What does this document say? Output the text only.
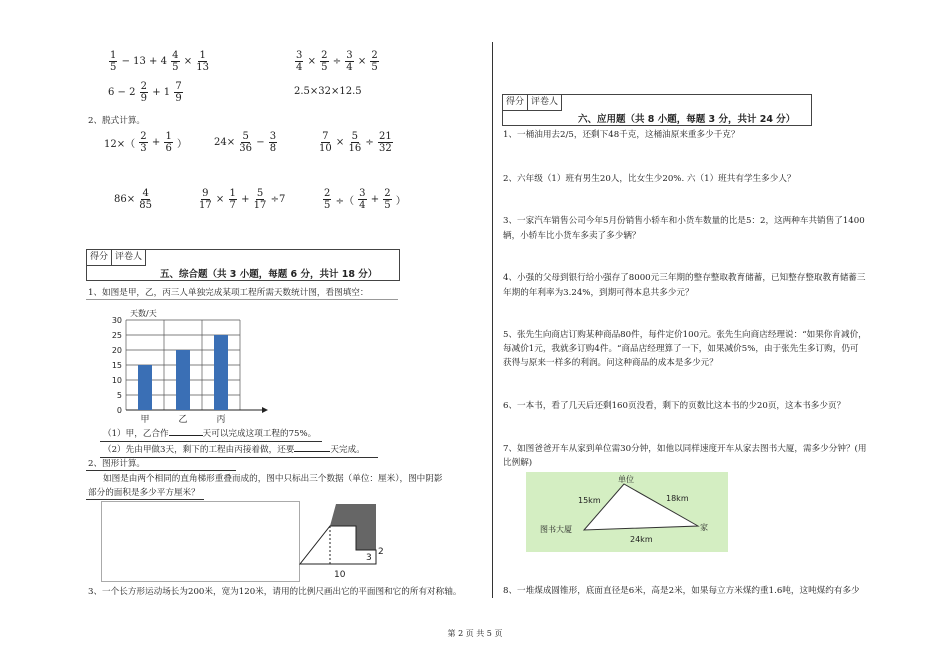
$\frac{1}{5} - 13 + 4 \frac{4}{5} \times \frac{1}{13}$	$\frac{3}{4} \times \frac{2}{5} \div \frac{3}{4} \times \frac{2}{5}$
$6 - 2 \frac{2}{9} + 1 \frac{7}{9}$	2.5×32×12.5
2、脱式计算。
$12\times( \frac{2}{3} + \frac{1}{6}$ ）	$24\times \frac{5}{36} - \frac{3}{8}$	$\frac{7}{10} \times \frac{5}{16} \div \frac{21}{32}$
$86\times \frac{4}{85}$	$\frac{9}{17} \times \frac{1}{7} + \frac{5}{17} \div 7$	$\frac{2}{5}$ ÷（ $\frac{3}{4} + \frac{2}{5}$ ）
得分 评卷人
五、综合题（共 3 小题，每题 6 分，共计 18 分）
1、如图是甲，乙，丙三人单独完成某项工程所需天数统计图，看图填空：
天数/天
0
5
10
15
20
25
30
甲	乙	丙
（1）甲，乙合作	天可以完成这项工程的75%。
（2）先由甲做3天，剩下的工程由丙接着做，还要	天完成。
2、图形计算。
如图是由两个相同的直角梯形重叠而成的，图中只标出三个数据（单位：厘米），图中阴影
部分的面积是多少平方厘米？
3
2
10
3、一个长方形运动场长为200米，宽为120米，请用的比例尺画出它的平面图和它的所有对称轴。
得分 评卷人
六、应用题（共 8 小题，每题 3 分，共计 24 分）
1、一桶油用去2/5，还剩下48千克，这桶油原来重多少千克？
2、六年级（1）班有男生20人，比女生少20%. 六（1）班共有学生多少人？
3、一家汽车销售公司今年5月份销售小轿车和小货车数量的比是5：2，这两种车共销售了1400
辆，小轿车比小货车多卖了多少辆？
4、小强的父母到银行给小强存了8000元三年期的整存整取教育储蓄，已知整存整取教育储蓄三
年期的年利率为3.24%，到期可得本息共多少元？
5、张先生向商店订购某种商品80件，每件定价100元。张先生向商店经理说：“如果你肯减价，
每减价1元，我就多订购4件。“商品店经理算了一下，如果减价5%，由于张先生多订购，仍可
获得与原来一样多的利润。问这种商品的成本是多少元？
6、一本书，看了几天后还剩160页没看，剩下的页数比这本书的少20页，这本书多少页？
7、如图爸爸开车从家到单位需30分钟，如他以同样速度开车从家去图书大厦，需多少分钟？(用
比例解)
单位
图书大厦	家
15km	18km
24km
8、一堆煤成圆锥形，底面直径是6米，高是2米，如果每立方米煤约重1.6吨，这吨煤约有多少
第 2 页 共 5 页
